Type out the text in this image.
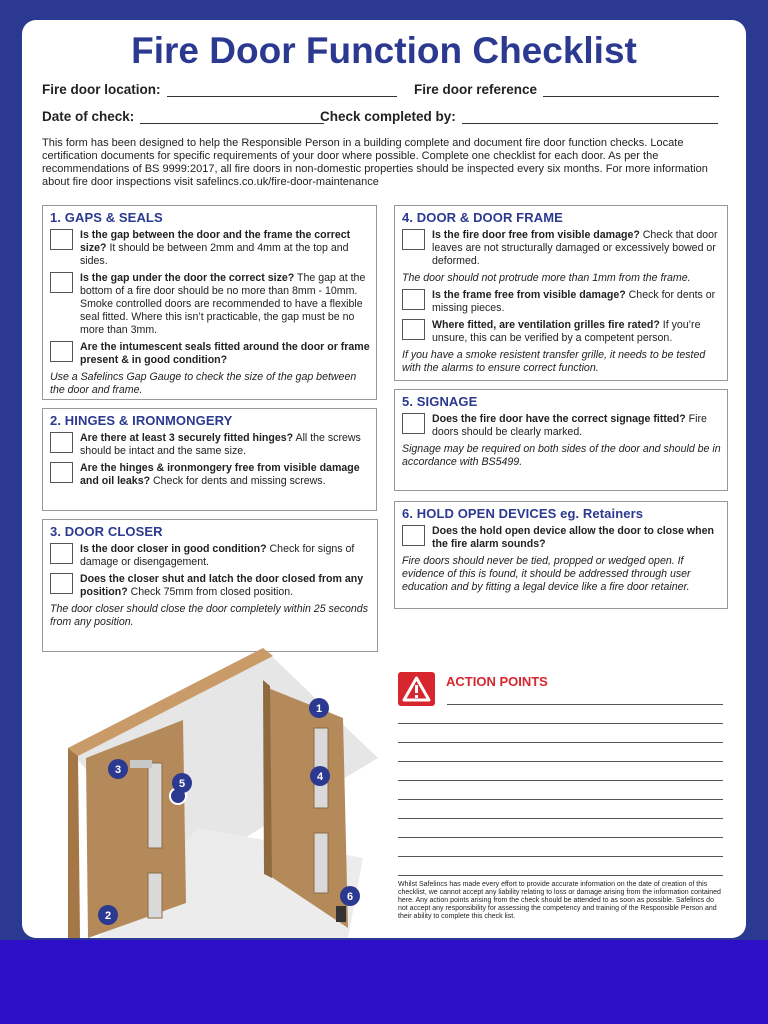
Fire Door Function Checklist
Fire door location:	Fire door reference
Date of check:	Check completed by:
This form has been designed to help the Responsible Person in a building complete and document fire door function checks. Locate certification documents for specific requirements of your door where possible. Complete one checklist for each door. As per the recommendations of BS 9999:2017, all fire doors in non-domestic properties should be inspected every six months. For more information about fire door inspections visit safelincs.co.uk/fire-door-maintenance
1. GAPS & SEALS
Is the gap between the door and the frame the correct size? It should be between 2mm and 4mm at the top and sides.
Is the gap under the door the correct size? The gap at the bottom of a fire door should be no more than 8mm - 10mm. Smoke controlled doors are recommended to have a flexible seal fitted. Where this isn’t practicable, the gap must be no more than 3mm.
Are the intumescent seals fitted around the door or frame present & in good condition?
Use a Safelincs Gap Gauge to check the size of the gap between the door and frame.
2. HINGES & IRONMONGERY
Are there at least 3 securely fitted hinges? All the screws should be intact and the same size.
Are the hinges & ironmongery free from visible damage and oil leaks? Check for dents and missing screws.
3. DOOR CLOSER
Is the door closer in good condition? Check for signs of damage or disengagement.
Does the closer shut and latch the door closed from any position? Check 75mm from closed position.
The door closer should close the door completely within 25 seconds from any position.
4. DOOR & DOOR FRAME
Is the fire door free from visible damage? Check that door leaves are not structurally damaged or excessively bowed or deformed.
The door should not protrude more than 1mm from the frame.
Is the frame free from visible damage? Check for dents or missing pieces.
Where fitted, are ventilation grilles fire rated? If you’re unsure, this can be verified by a competent person.
If you have a smoke resistent transfer grille, it needs to be tested with the alarms to ensure correct function.
5. SIGNAGE
Does the fire door have the correct signage fitted? Fire doors should be clearly marked.
Signage may be required on both sides of the door and should be in accordance with BS5499.
6. HOLD OPEN DEVICES eg. Retainers
Does the hold open device allow the door to close when the fire alarm sounds?
Fire doors should never be tied, propped or wedged open. If evidence of this is found, it should be addressed through user education and by fitting a legal device like a fire door retainer.
1
2
3
4
5
6
ACTION POINTS
Whilst Safelincs has made every effort to provide accurate information on the date of creation of this checklist, we cannot accept any liability relating to loss or damage arising from the information contained here. Any action points arising from the check should be attended to as soon as possible. Safelincs do not accept any responsibility for assessing the competency and training of the Responsible Person and their ability to complete this check list.
